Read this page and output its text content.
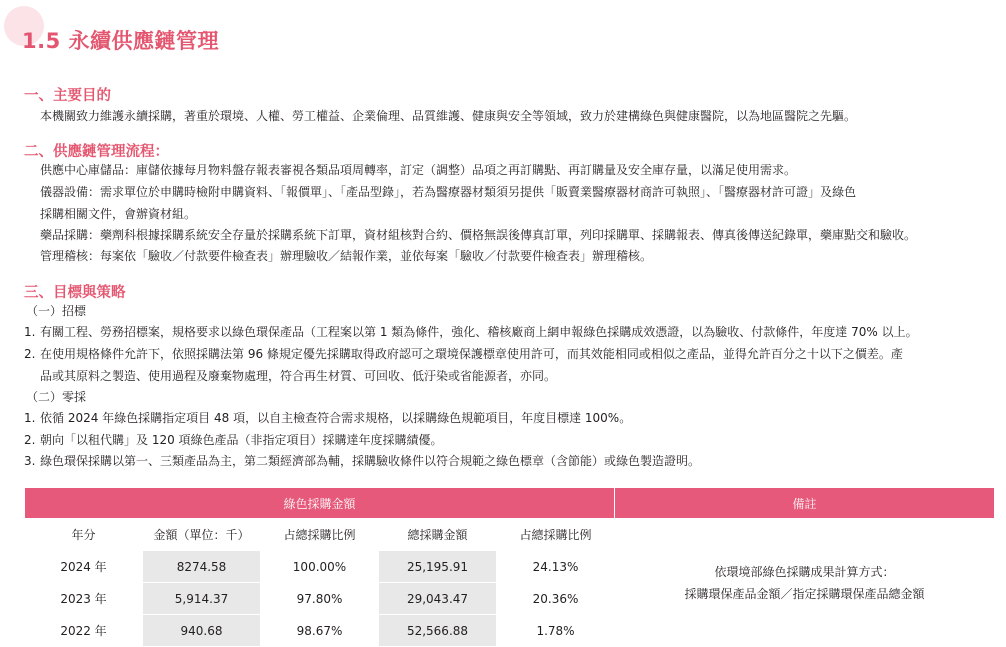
1.5 永續供應鏈管理
一、主要目的
本機關致力維護永續採購，著重於環境、人權、勞工權益、企業倫理、品質維護、健康與安全等領域，致力於建構綠色與健康醫院，以為地區醫院之先驅。
二、供應鏈管理流程：
供應中心庫儲品：庫儲依據每月物料盤存報表審視各類品項周轉率，訂定（調整）品項之再訂購點、再訂購量及安全庫存量，以滿足使用需求。
儀器設備：需求單位於申購時檢附申購資料、「報價單」、「產品型錄」，若為醫療器材類須另提供「販賣業醫療器材商許可執照」、「醫療器材許可證」及綠色
採購相關文件，會辦資材組。
藥品採購：藥劑科根據採購系統安全存量於採購系統下訂單，資材組核對合約、價格無誤後傳真訂單，列印採購單、採購報表、傳真後傳送紀錄單，藥庫點交和驗收。
管理稽核：每案依「驗收／付款要件檢查表」辦理驗收／結報作業，並依每案「驗收／付款要件檢查表」辦理稽核。
三、目標與策略
（一）招標
1. 有關工程、勞務招標案，規格要求以綠色環保產品（工程案以第 1 類為條件，強化、稽核廠商上網申報綠色採購成效憑證，以為驗收、付款條件，年度達 70% 以上。
2. 在使用規格條件允許下，依照採購法第 96 條規定優先採購取得政府認可之環境保護標章使用許可，而其效能相同或相似之產品，並得允許百分之十以下之價差。產
品或其原料之製造、使用過程及廢棄物處理，符合再生材質、可回收、低汙染或省能源者，亦同。
（二）零採
1. 依循 2024 年綠色採購指定項目 48 項，以自主檢查符合需求規格，以採購綠色規範項目，年度目標達 100%。
2. 朝向「以租代購」及 120 項綠色產品（非指定項目）採購達年度採購績優。
3. 綠色環保採購以第一、三類產品為主，第二類經濟部為輔，採購驗收條件以符合規範之綠色標章（含節能）或綠色製造證明。
綠色採購金額					備註
年分	金額（單位：千）	占總採購比例	總採購金額	占總採購比例	依環境部綠色採購成果計算方式：
採購環保產品金額／指定採購環保產品總金額

2024 年	8274.58	100.00%	25,195.91	24.13%	
2023 年	5,914.37	97.80%	29,043.47	20.36%	
2022 年	940.68	98.67%	52,566.88	1.78%	
